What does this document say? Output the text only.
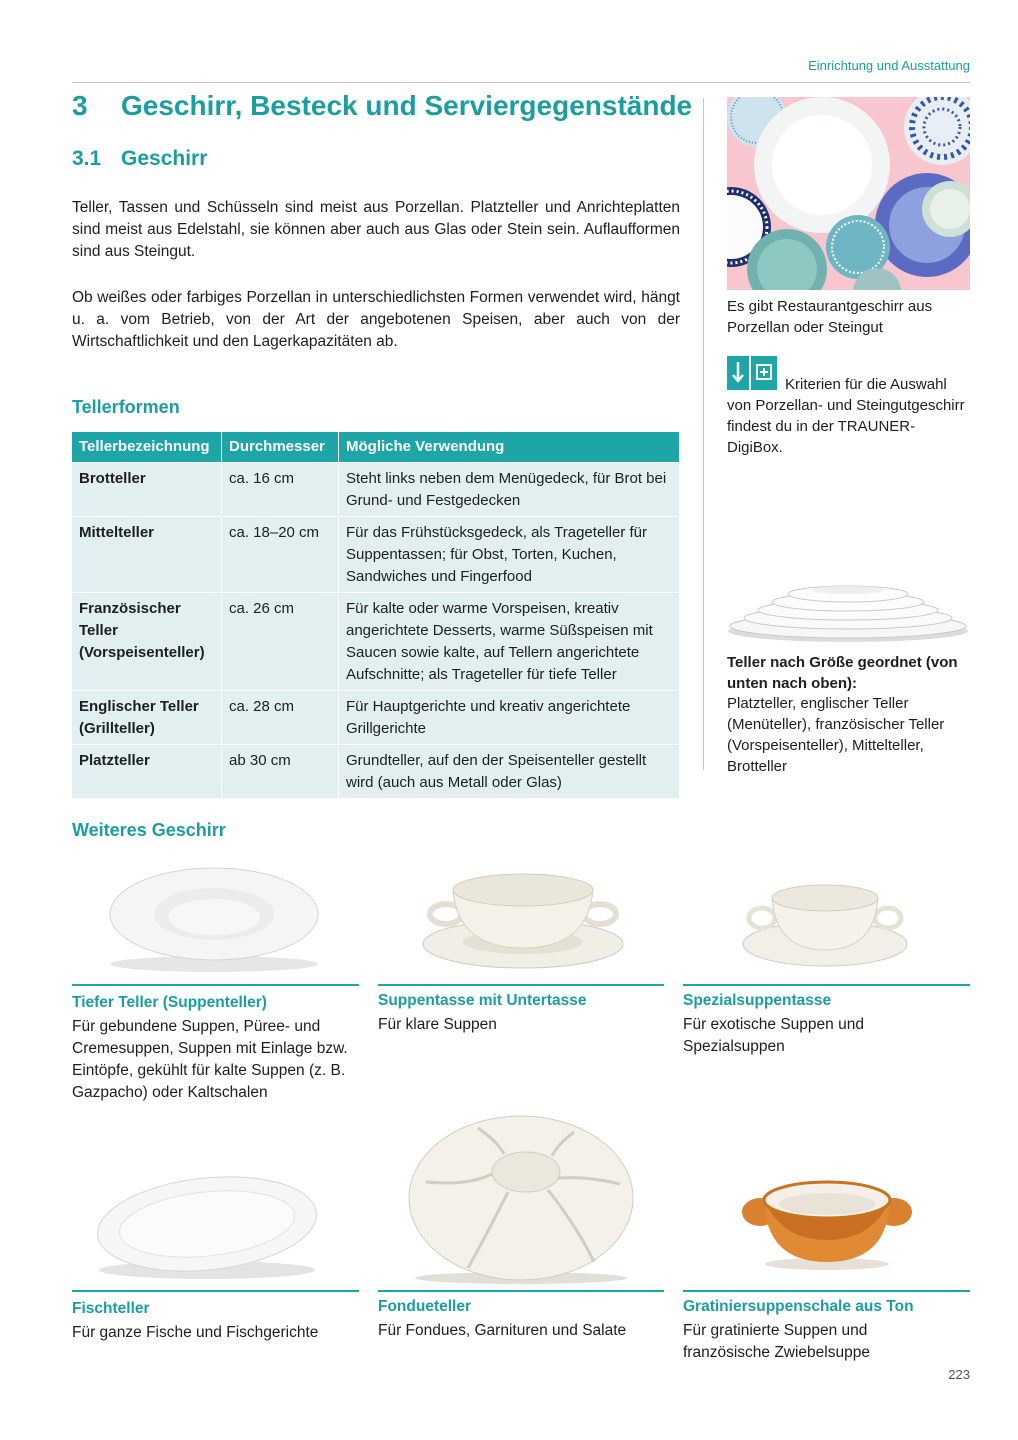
Einrichtung und Ausstattung
3 Geschirr, Besteck und Serviergegenstände
3.1 Geschirr

Teller, Tassen und Schüsseln sind meist aus Porzellan. Platzteller und Anrichteplatten sind meist aus Edelstahl, sie können aber auch aus Glas oder Stein sein. Auflaufformen sind aus Steingut.

Ob weißes oder farbiges Porzellan in unterschiedlichsten Formen verwendet wird, hängt u. a. vom Betrieb, von der Art der angebotenen Speisen, aber auch von der Wirtschaftlichkeit und den Lagerkapazitäten ab.

Tellerformen
Tellerbezeichnung	Durchmesser	Mögliche Verwendung
Brotteller	ca. 16 cm	Steht links neben dem Menügedeck, für Brot bei Grund- und Festgedecken
Mittelteller	ca. 18–20 cm	Für das Frühstücksgedeck, als Trageteller für Suppentassen; für Obst, Torten, Kuchen, Sandwiches und Fingerfood
Französischer Teller (Vorspeisenteller)	ca. 26 cm	Für kalte oder warme Vorspeisen, kreativ angerichtete Desserts, warme Süßspeisen mit Saucen sowie kalte, auf Tellern angerichtete Aufschnitte; als Trageteller für tiefe Teller
Englischer Teller (Grillteller)	ca. 28 cm	Für Hauptgerichte und kreativ angerichtete Grillgerichte
Platzteller	ab 30 cm	Grundteller, auf den der Speisenteller gestellt wird (auch aus Metall oder Glas)
Es gibt Restaurantgeschirr aus Porzellan oder Steingut
Kriterien für die Auswahl von Porzellan- und Steingutgeschirr findest du in der TRAUNER-DigiBox.
Teller nach Größe geordnet (von unten nach oben):
Platzteller, englischer Teller (Menüteller), französischer Teller (Vorspeisenteller), Mittelteller, Brotteller
Weiteres Geschirr
Tiefer Teller (Suppenteller)
Für gebundene Suppen, Püree- und Cremesuppen, Suppen mit Einlage bzw. Eintöpfe, gekühlt für kalte Suppen (z. B. Gazpacho) oder Kaltschalen
Suppentasse mit Untertasse
Für klare Suppen
Spezialsuppentasse
Für exotische Suppen und Spezialsuppen
Fischteller
Für ganze Fische und Fischgerichte
Fondueteller
Für Fondues, Garnituren und Salate
Gratiniersuppenschale aus Ton
Für gratinierte Suppen und französische Zwiebelsuppe
223
